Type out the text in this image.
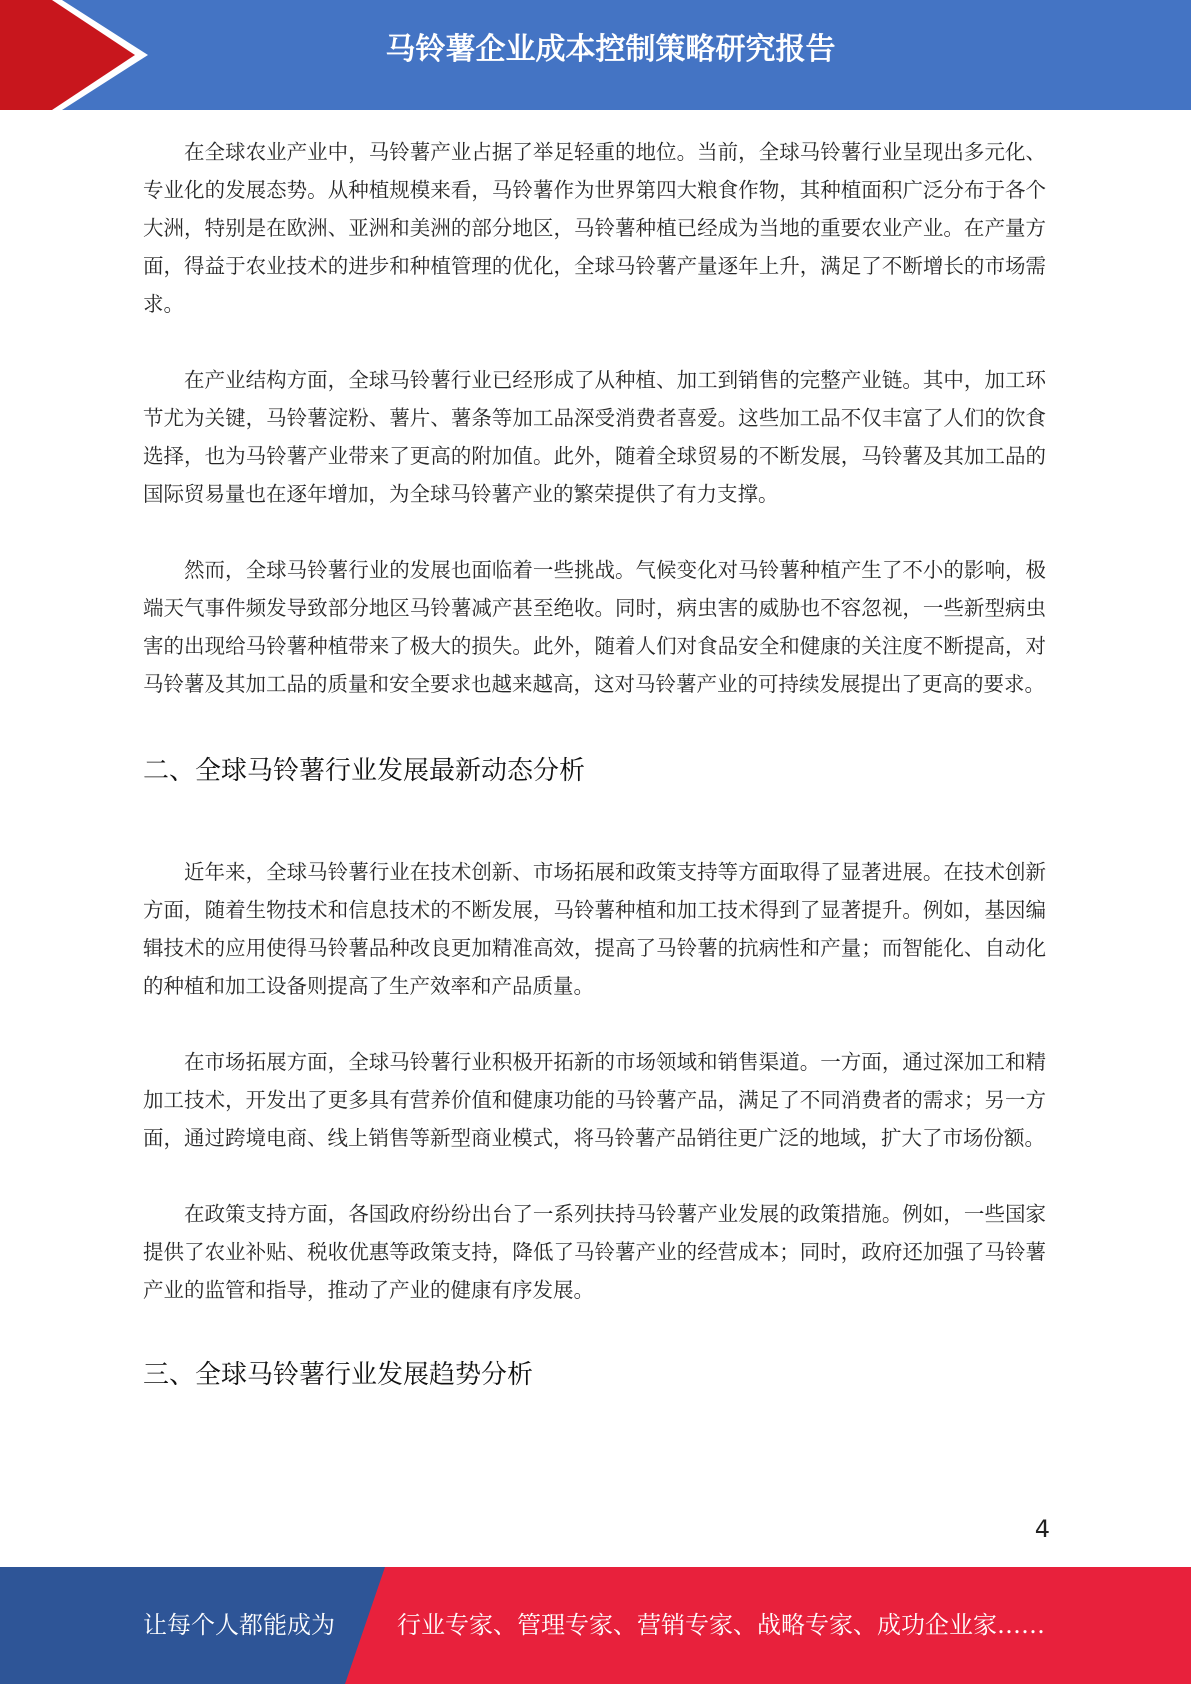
马铃薯企业成本控制策略研究报告

在全球农业产业中，马铃薯产业占据了举足轻重的地位。当前，全球马铃薯行业呈现出多元化、专业化的发展态势。从种植规模来看，马铃薯作为世界第四大粮食作物，其种植面积广泛分布于各个大洲，特别是在欧洲、亚洲和美洲的部分地区，马铃薯种植已经成为当地的重要农业产业。在产量方面，得益于农业技术的进步和种植管理的优化，全球马铃薯产量逐年上升，满足了不断增长的市场需求。

在产业结构方面，全球马铃薯行业已经形成了从种植、加工到销售的完整产业链。其中，加工环节尤为关键，马铃薯淀粉、薯片、薯条等加工品深受消费者喜爱。这些加工品不仅丰富了人们的饮食选择，也为马铃薯产业带来了更高的附加值。此外，随着全球贸易的不断发展，马铃薯及其加工品的国际贸易量也在逐年增加，为全球马铃薯产业的繁荣提供了有力支撑。

然而，全球马铃薯行业的发展也面临着一些挑战。气候变化对马铃薯种植产生了不小的影响，极端天气事件频发导致部分地区马铃薯减产甚至绝收。同时，病虫害的威胁也不容忽视，一些新型病虫害的出现给马铃薯种植带来了极大的损失。此外，随着人们对食品安全和健康的关注度不断提高，对马铃薯及其加工品的质量和安全要求也越来越高，这对马铃薯产业的可持续发展提出了更高的要求。

二、全球马铃薯行业发展最新动态分析

近年来，全球马铃薯行业在技术创新、市场拓展和政策支持等方面取得了显著进展。在技术创新方面，随着生物技术和信息技术的不断发展，马铃薯种植和加工技术得到了显著提升。例如，基因编辑技术的应用使得马铃薯品种改良更加精准高效，提高了马铃薯的抗病性和产量；而智能化、自动化的种植和加工设备则提高了生产效率和产品质量。

在市场拓展方面，全球马铃薯行业积极开拓新的市场领域和销售渠道。一方面，通过深加工和精加工技术，开发出了更多具有营养价值和健康功能的马铃薯产品，满足了不同消费者的需求；另一方面，通过跨境电商、线上销售等新型商业模式，将马铃薯产品销往更广泛的地域，扩大了市场份额。

在政策支持方面，各国政府纷纷出台了一系列扶持马铃薯产业发展的政策措施。例如，一些国家提供了农业补贴、税收优惠等政策支持，降低了马铃薯产业的经营成本；同时，政府还加强了马铃薯产业的监管和指导，推动了产业的健康有序发展。

三、全球马铃薯行业发展趋势分析
4
让每个人都能成为	行业专家、管理专家、营销专家、战略专家、成功企业家……
